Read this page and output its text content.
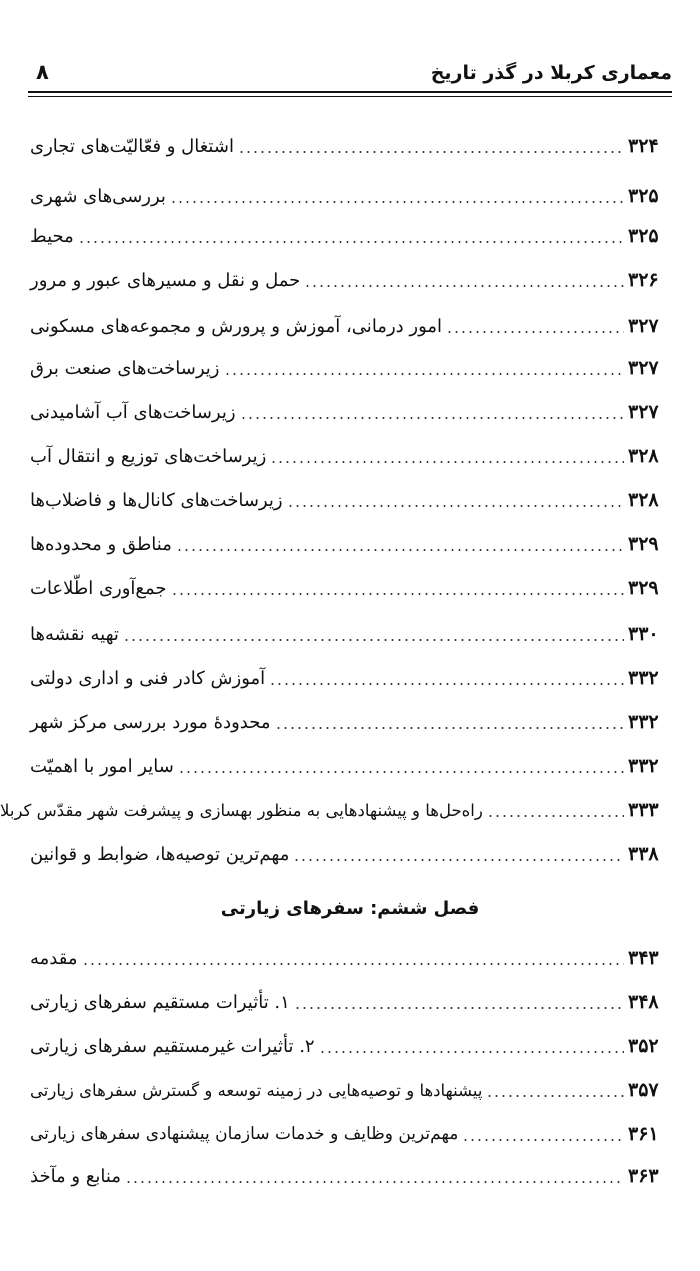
معماری کربلا در گذر تاریخ
۸
اشتغال و فعّالیّت‌های تجاری	۳۲۴
بررسی‌های شهری	۳۲۵
محیط	۳۲۵
حمل و نقل و مسیرهای عبور و مرور	۳۲۶
امور درمانی، آموزش و پرورش و مجموعه‌های مسکونی	۳۲۷
زیرساخت‌های صنعت برق	۳۲۷
زیرساخت‌های آب آشامیدنی	۳۲۷
زیرساخت‌های توزیع و انتقال آب	۳۲۸
زیرساخت‌های کانال‌ها و فاضلاب‌ها	۳۲۸
مناطق و محدوده‌ها	۳۲۹
جمع‌آوری اطّلاعات	۳۲۹
تهیه نقشه‌ها	۳۳۰
آموزش کادر فنی و اداری دولتی	۳۳۲
محدودۀ مورد بررسی مرکز شهر	۳۳۲
سایر امور با اهمیّت	۳۳۲
راه‌حل‌ها و پیشنهادهایی به منظور بهسازی و پیشرفت شهر مقدّس کربلا	۳۳۳
مهم‌ترین توصیه‌ها، ضوابط و قوانین	۳۳۸
فصل ششم: سفرهای زیارتی
مقدمه	۳۴۳
۱. تأثیرات مستقیم سفرهای زیارتی	۳۴۸
۲. تأثیرات غیرمستقیم سفرهای زیارتی	۳۵۲
پیشنهادها و توصیه‌هایی در زمینه توسعه و گسترش سفرهای زیارتی	۳۵۷
مهم‌ترین وظایف و خدمات سازمان پیشنهادی سفرهای زیارتی	۳۶۱
منابع و مآخذ	۳۶۳
